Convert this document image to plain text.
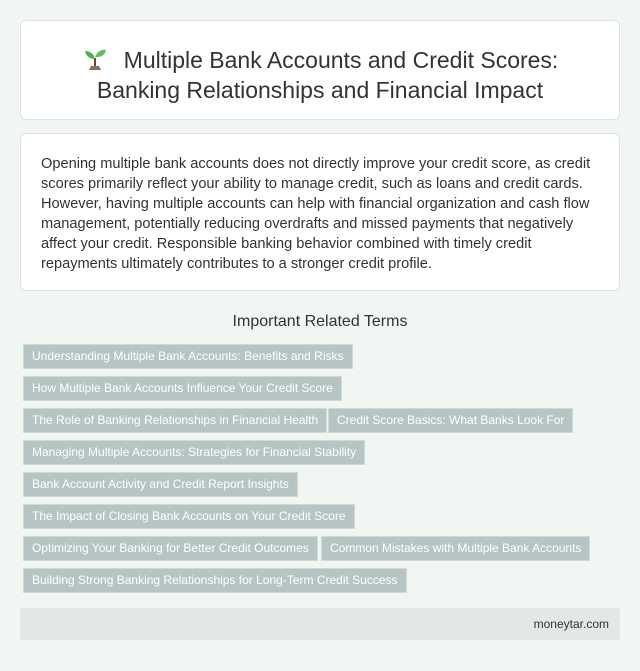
Multiple Bank Accounts and Credit Scores:
Banking Relationships and Financial Impact

Opening multiple bank accounts does not directly improve your credit score, as credit scores primarily reflect your ability to manage credit, such as loans and credit cards. However, having multiple accounts can help with financial organization and cash flow management, potentially reducing overdrafts and missed payments that negatively affect your credit. Responsible banking behavior combined with timely credit repayments ultimately contributes to a stronger credit profile.

Important Related Terms
Understanding Multiple Bank Accounts: Benefits and Risks
How Multiple Bank Accounts Influence Your Credit Score
The Role of Banking Relationships in Financial Health	Credit Score Basics: What Banks Look For
Managing Multiple Accounts: Strategies for Financial Stability
Bank Account Activity and Credit Report Insights
The Impact of Closing Bank Accounts on Your Credit Score
Optimizing Your Banking for Better Credit Outcomes	Common Mistakes with Multiple Bank Accounts
Building Strong Banking Relationships for Long-Term Credit Success
moneytar.com
